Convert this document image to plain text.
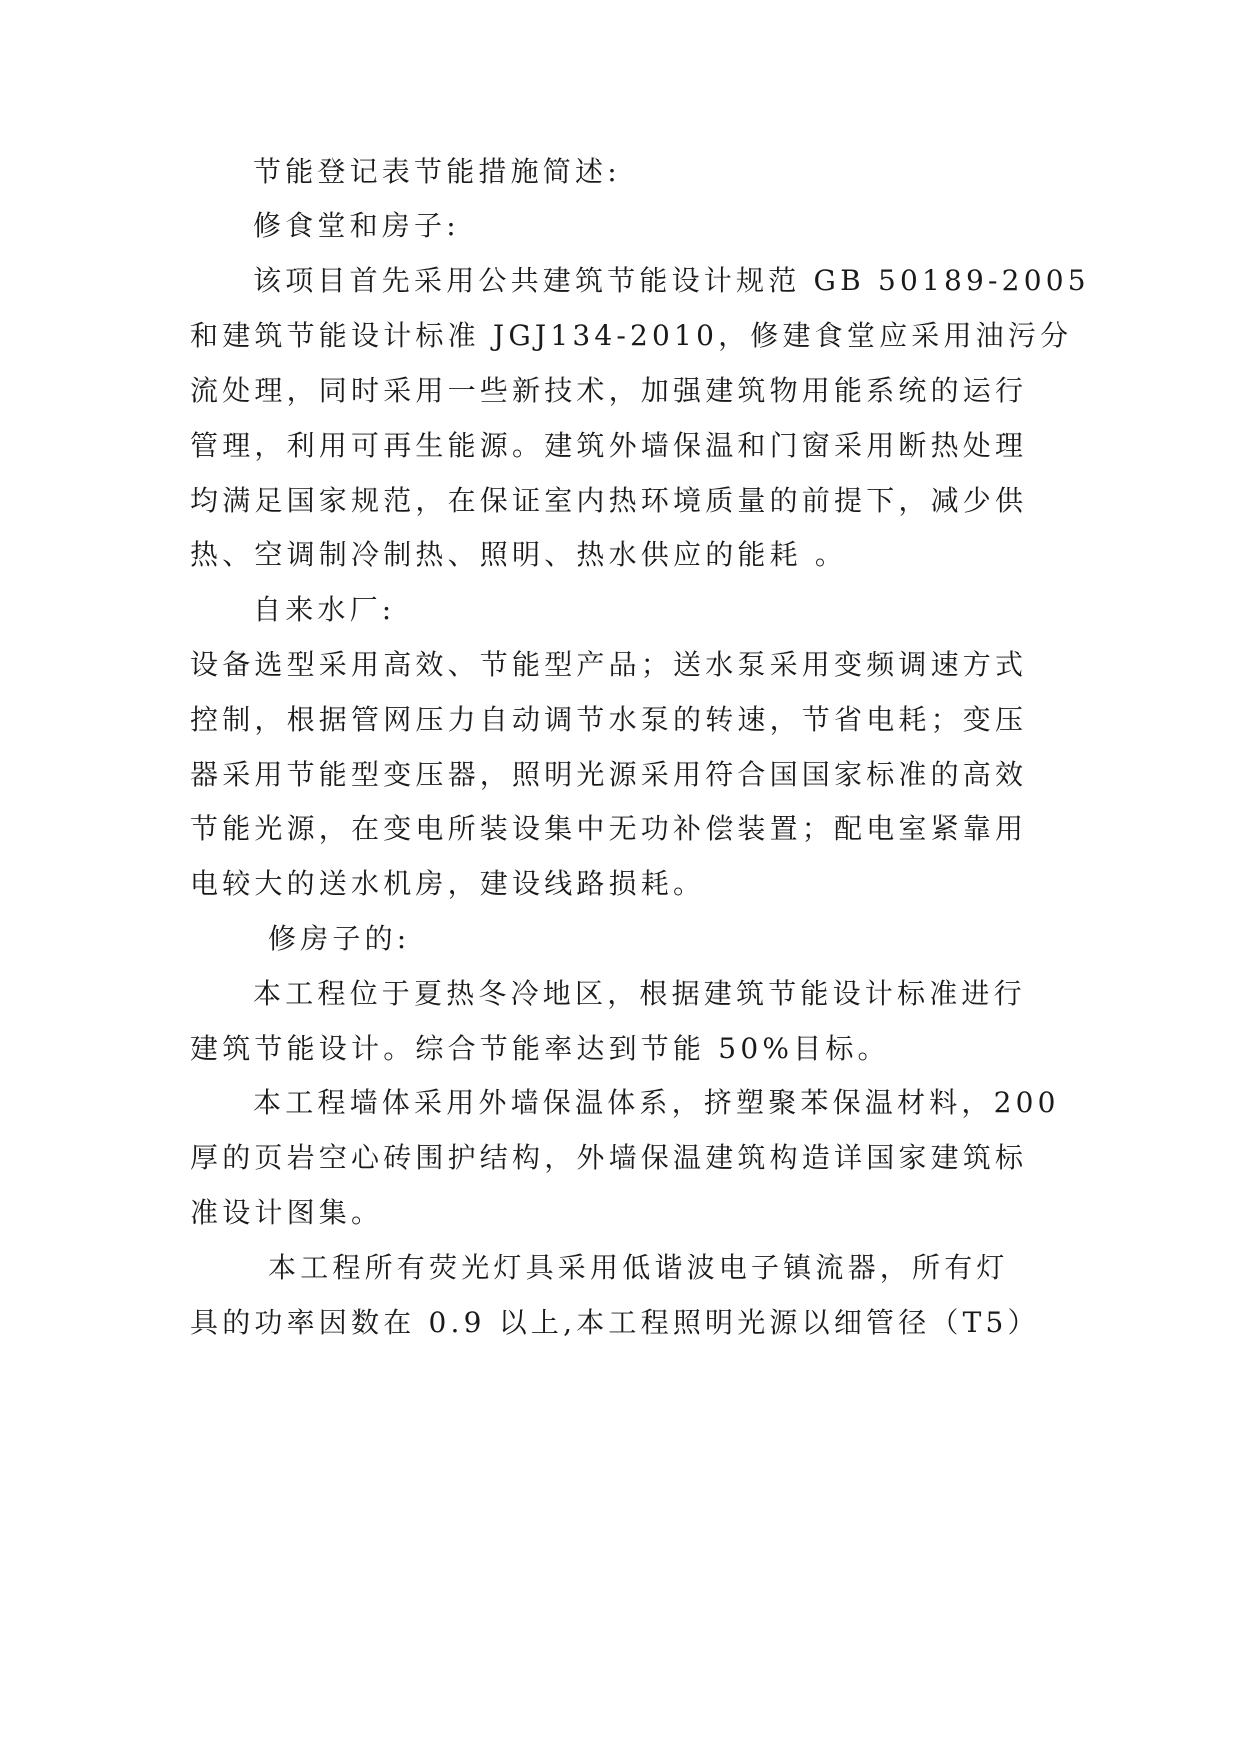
节能登记表节能措施简述:
修食堂和房子:
该项目首先采用公共建筑节能设计规范 GB 50189-2005
和建筑节能设计标准 JGJ134-2010，修建食堂应采用油污分
流处理，同时采用一些新技术，加强建筑物用能系统的运行
管理，利用可再生能源。建筑外墙保温和门窗采用断热处理
均满足国家规范，在保证室内热环境质量的前提下，减少供
热、空调制冷制热、照明、热水供应的能耗 。
自来水厂:
设备选型采用高效、节能型产品；送水泵采用变频调速方式
控制，根据管网压力自动调节水泵的转速，节省电耗；变压
器采用节能型变压器，照明光源采用符合国国家标准的高效
节能光源，在变电所装设集中无功补偿装置；配电室紧靠用
电较大的送水机房，建设线路损耗。
修房子的:
本工程位于夏热冬冷地区，根据建筑节能设计标准进行
建筑节能设计。综合节能率达到节能 50%目标。
本工程墙体采用外墙保温体系，挤塑聚苯保温材料，200
厚的页岩空心砖围护结构，外墙保温建筑构造详国家建筑标
准设计图集。
本工程所有荧光灯具采用低谐波电子镇流器，所有灯
具的功率因数在 0.9 以上,本工程照明光源以细管径（T5）
